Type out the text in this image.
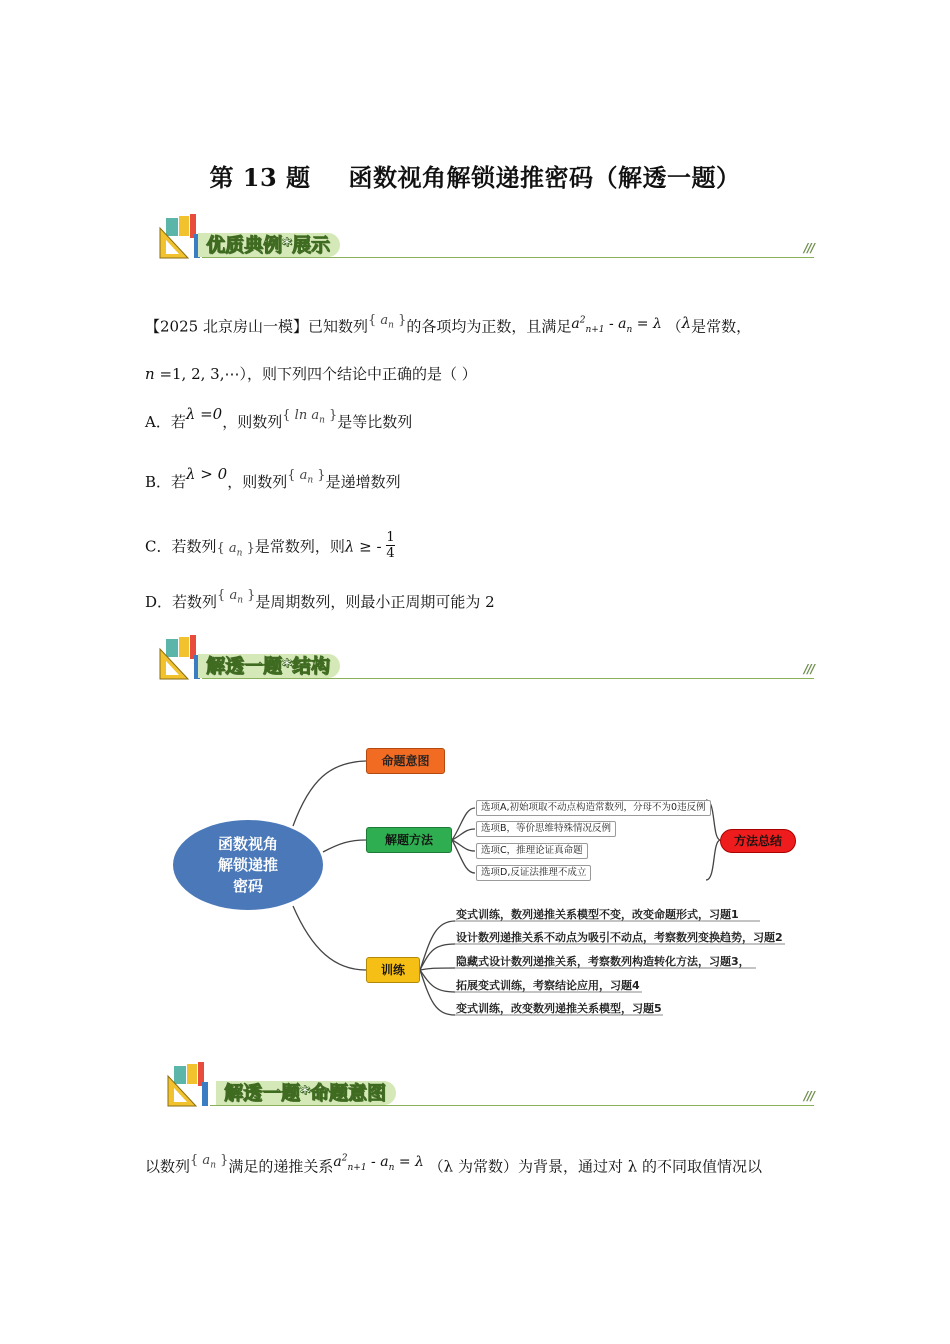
第 13 题 函数视角解锁递推密码（解透一题）
优质典例*展示	///
【2025 北京房山一模】已知数列{ $a_n$ }的各项均为正数，且满足$a^2_{n+1} - a_n = \lambda$ （λ是常数，
n =1, 2, 3,⋯），则下列四个结论中正确的是（ ）
A．若λ =0，则数列{ $\ln a_n$ }是等比数列
B．若λ > 0，则数列{ $a_n$ }是递增数列
C．若数列{ $a_n$ }是常数列，则λ ≥ - $\frac{1}{4}$
D．若数列{ $a_n$ }是周期数列，则最小正周期可能为 2
解透一题*结构	///
函数视角
解锁递推
密码
命题意图
解题方法
训练
选项A,初始项取不动点构造常数列，分母不为0违反例
选项B，等价思维特殊情况反例
选项C，推理论证真命题
选项D,反证法推理不成立
方法总结
变式训练，数列递推关系模型不变，改变命题形式，习题1
设计数列递推关系不动点为吸引不动点，考察数列变换趋势，习题2
隐藏式设计数列递推关系，考察数列构造转化方法，习题3，
拓展变式训练，考察结论应用，习题4
变式训练，改变数列递推关系模型，习题5
解透一题*命题意图	///
以数列{ $a_n$ }满足的递推关系$a^2_{n+1} - a_n = \lambda$ （λ 为常数）为背景，通过对 λ 的不同取值情况以
